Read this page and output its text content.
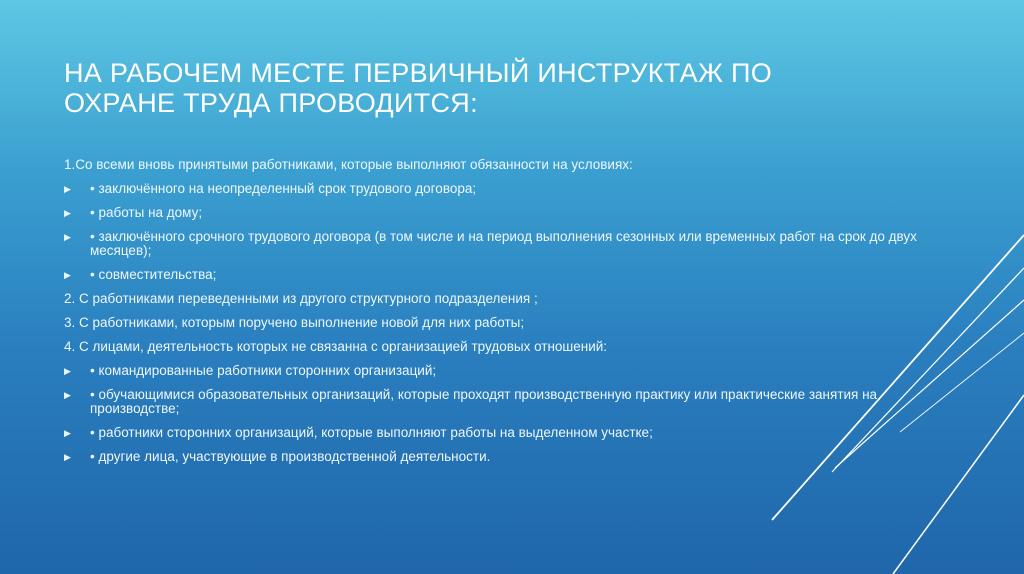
НА РАБОЧЕМ МЕСТЕ ПЕРВИЧНЫЙ ИНСТРУКТАЖ ПО ОХРАНЕ ТРУДА ПРОВОДИТСЯ:
1.Со всеми вновь принятыми работниками, которые выполняют обязанности на условиях:
▶ • заключённого на неопределенный срок трудового договора;
▶ • работы на дому;
▶ • заключённого срочного трудового договора (в том числе и на период выполнения сезонных или временных работ на срок до двух месяцев);
▶ • совместительства;
2. С работниками переведенными из другого структурного подразделения ;
3. С работниками, которым поручено выполнение новой для них работы;
4. С лицами, деятельность которых не связанна с организацией трудовых отношений:
▶ • командированные работники сторонних организаций;
▶ • обучающимися образовательных организаций, которые проходят производственную практику или практические занятия на производстве;
▶ • работники сторонних организаций, которые выполняют работы на выделенном участке;
▶ • другие лица, участвующие в производственной деятельности.
